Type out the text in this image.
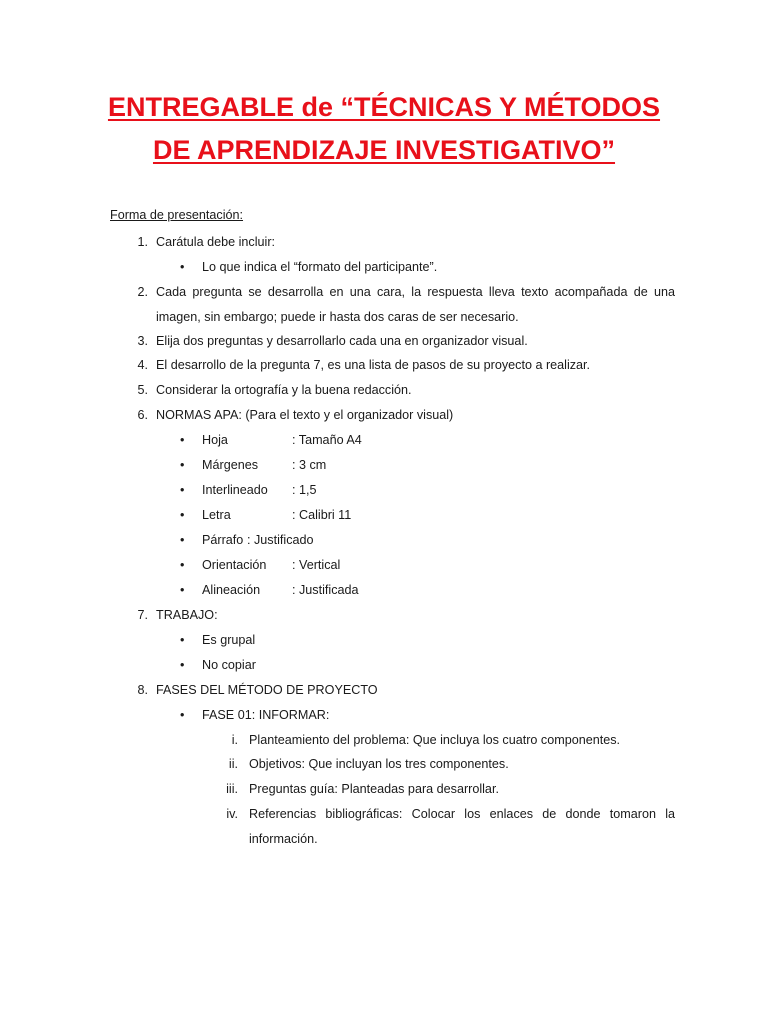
ENTREGABLE de “TÉCNICAS Y MÉTODOS
DE APRENDIZAJE INVESTIGATIVO”
Forma de presentación:
1. Carátula debe incluir:
• Lo que indica el “formato del participante”.
2. Cada pregunta se desarrolla en una cara, la respuesta lleva texto acompañada de una
imagen, sin embargo; puede ir hasta dos caras de ser necesario.
3. Elija dos preguntas y desarrollarlo cada una en organizador visual.
4. El desarrollo de la pregunta 7, es una lista de pasos de su proyecto a realizar.
5. Considerar la ortografía y la buena redacción.
6. NORMAS APA: (Para el texto y el organizador visual)
• Hoja	: Tamaño A4
• Márgenes	: 3 cm
• Interlineado : 1,5
• Letra	: Calibri 11
• Párrafo : Justificado
• Orientación : Vertical
• Alineación	: Justificada
7. TRABAJO:
• Es grupal
• No copiar
8. FASES DEL MÉTODO DE PROYECTO
• FASE 01: INFORMAR:
i. Planteamiento del problema: Que incluya los cuatro componentes.
ii. Objetivos: Que incluyan los tres componentes.
iii. Preguntas guía: Planteadas para desarrollar.
iv. Referencias bibliográficas: Colocar los enlaces de donde tomaron la
información.
